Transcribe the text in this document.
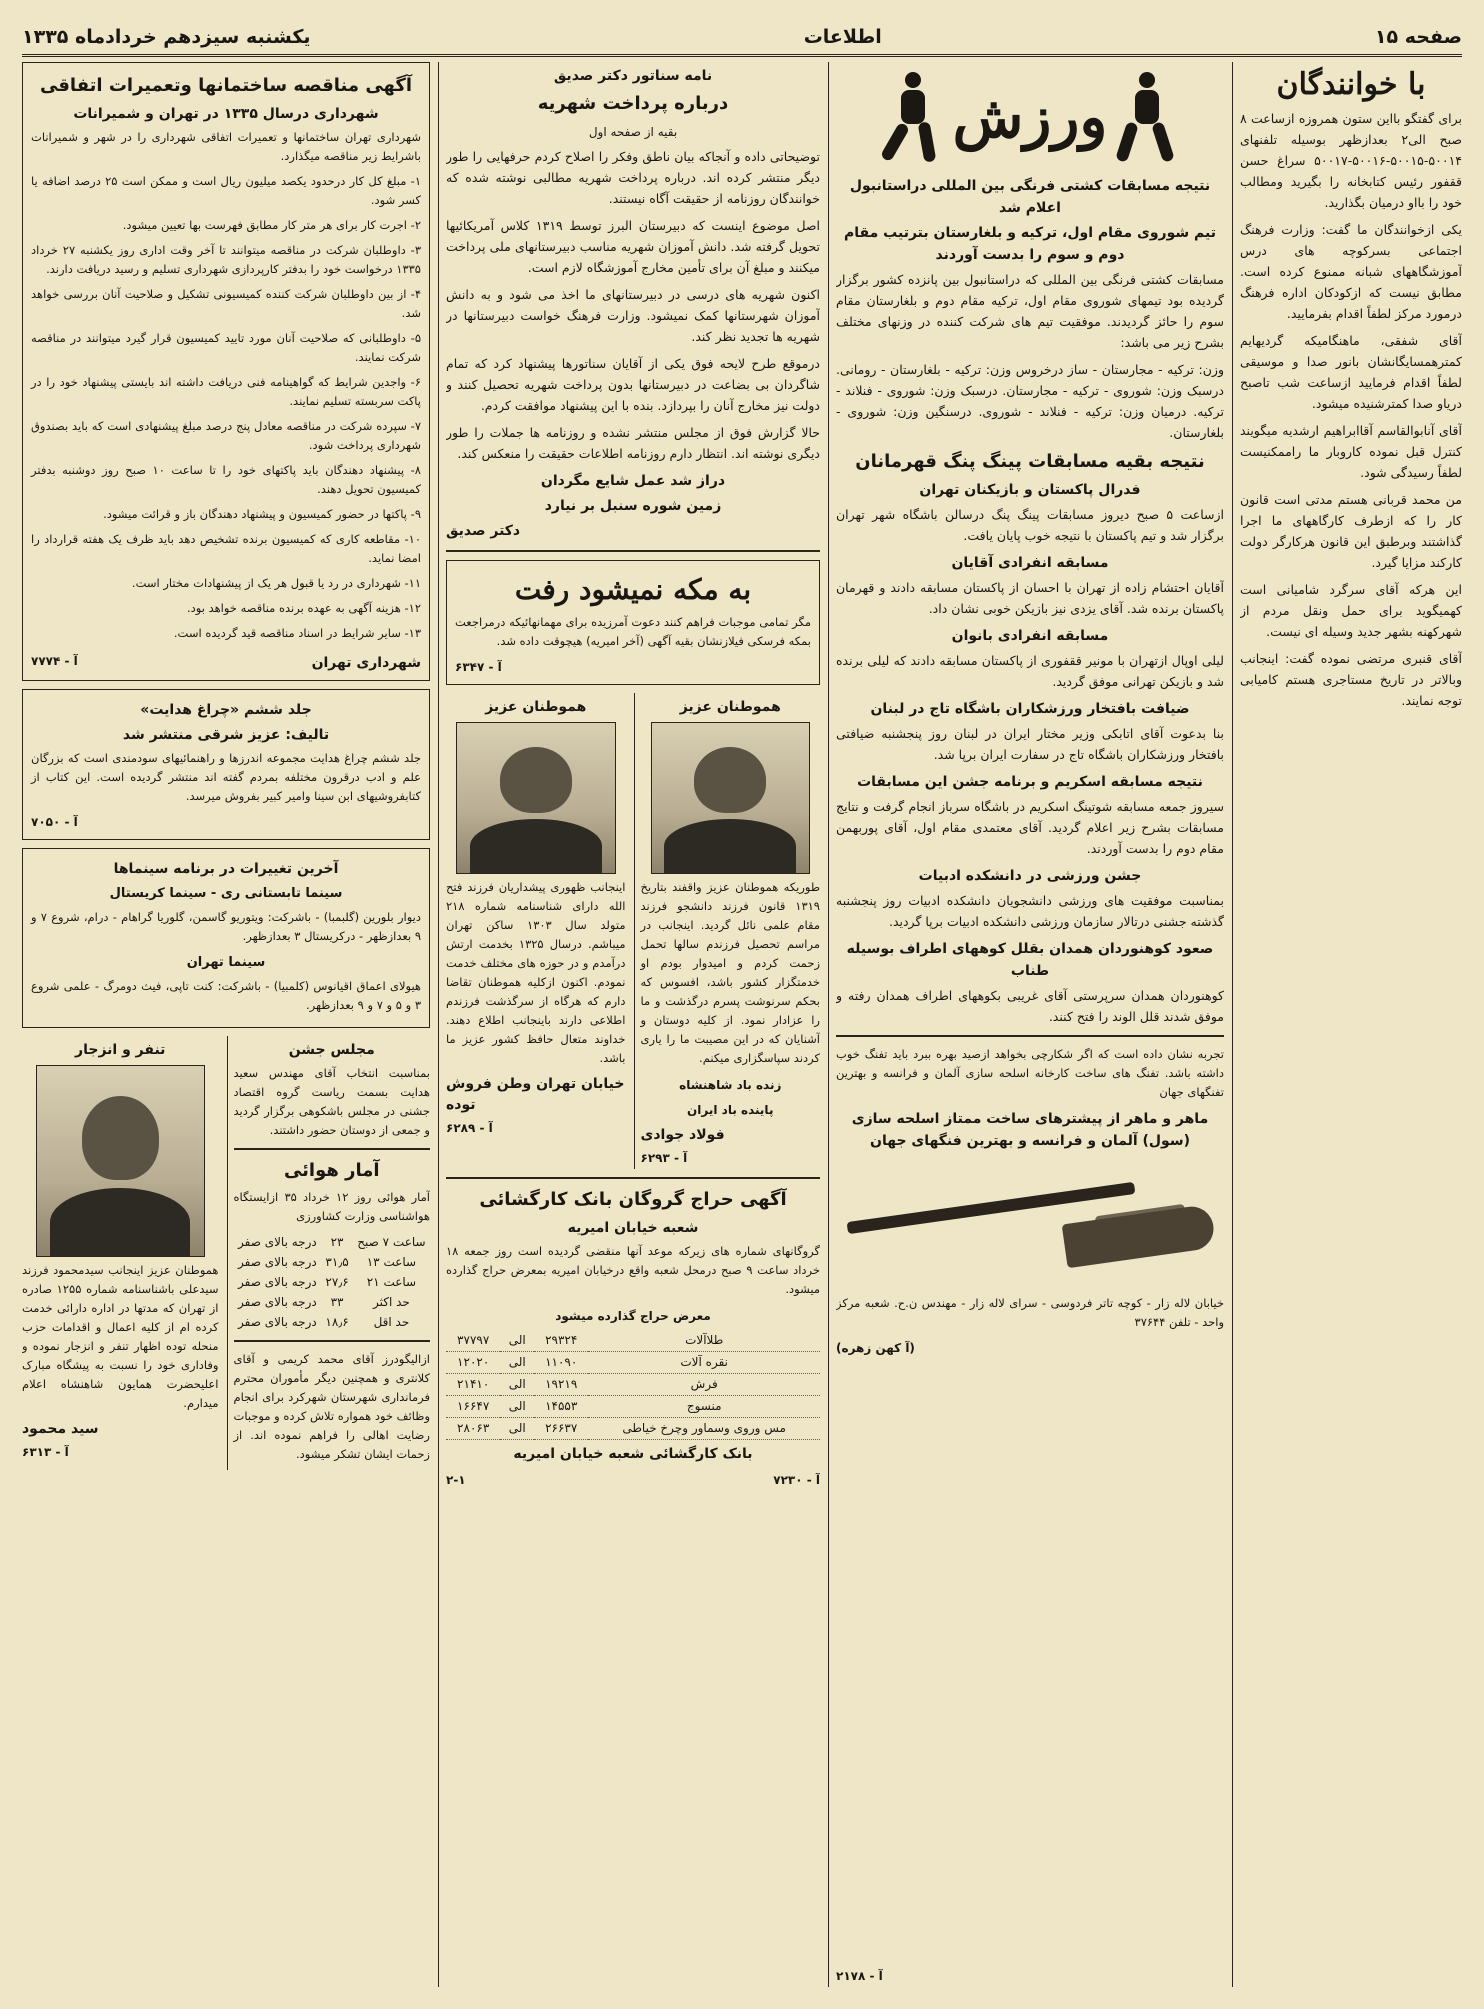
صفحه ۱۵
اطلاعات
یکشنبه سیزدهم خردادماه ۱۳۳۵
با خوانندگان

برای گفتگو بااین ستون همروزه ازساعت ۸ صبح الی۲ بعدازظهر بوسیله تلفنهای ۵۰۰۱۴-۵۰۰۱۵-۵۰۰۱۶-۵۰۰۱۷ سراغ حسن ققفور رئیس کتابخانه را بگیرید ومطالب خود را بااو درمیان بگذارید.

یکی ازخوانندگان ما گفت: وزارت فرهنگ اجتماعی بسرکوچه های درس آموزشگاههای شبانه ممنوع کرده است. مطابق نیست که ازکودکان اداره فرهنگ درمورد مرکز لطفاً اقدام بفرمایید.

آقای شفقی، ماهنگامیکه گردیهایم کمترهمسایگانشان بانور صدا و موسیقی لطفاً اقدام فرمایید ازساعت شب تاصبح دریاو صدا کمترشنیده میشود.

آقای آنابوالقاسم آقاابراهیم ارشدیه میگویند کنترل قبل نموده کاروبار ما راممکنیست لطفاً رسیدگی شود.

من محمد قربانی هستم مدتی است قانون کار را که ازطرف کارگاههای ما اجرا گذاشتند وبرطبق این قانون هرکارگر دولت کارکند مزایا گیرد.

این هرکه آقای سرگرد شامیانی است کهمیگوید برای حمل ونقل مردم از شهرکهنه بشهر جدید وسیله ای نیست.

آقای قنبری مرتضی نموده گفت: اینجانب وبالاتر در تاریخ مستاجری هستم کامیابی توجه نمایند.

ورزش
نتیجه مسابقات کشتی فرنگی بین المللی دراستانبول اعلام شد
تیم شوروی مقام اول، ترکیه و بلغارستان بترتیب مقام دوم و سوم را بدست آوردند

مسابقات کشتی فرنگی بین المللی که دراستانبول بین پانزده کشور برگزار گردیده بود تیمهای شوروی مقام اول، ترکیه مقام دوم و بلغارستان مقام سوم را حائز گردیدند. موفقیت تیم های شرکت کننده در وزنهای مختلف بشرح زیر می باشد:

وزن: ترکیه - مجارستان - ساز درخروس وزن: ترکیه - بلغارستان - رومانی. درسبک وزن: شوروی - ترکیه - مجارستان. درسبک وزن: شوروی - فنلاند - ترکیه. درمیان وزن: ترکیه - فنلاند - شوروی. درسنگین وزن: شوروی - بلغارستان.

نتیجه بقیه مسابقات پینگ پنگ قهرمانان
فدرال پاکستان و بازیکنان تهران

ازساعت ۵ صبح دیروز مسابقات پینگ پنگ درسالن باشگاه شهر تهران برگزار شد و تیم پاکستان با نتیجه خوب پایان یافت.

مسابقه انفرادی آقایان

آقایان احتشام زاده از تهران با احسان از پاکستان مسابقه دادند و قهرمان پاکستان برنده شد. آقای یزدی نیز بازیکن خوبی نشان داد.

مسابقه انفرادی بانوان

لیلی اوپال ازتهران با مونیر ققفوری از پاکستان مسابقه دادند که لیلی برنده شد و بازیکن تهرانی موفق گردید.

ضیافت بافتخار ورزشکاران باشگاه تاج در لبنان

بنا بدعوت آقای اتابکی وزیر مختار ایران در لبنان روز پنجشنبه ضیافتی بافتخار ورزشکاران باشگاه تاج در سفارت ایران برپا شد.

نتیجه مسابقه اسکریم و برنامه جشن این مسابقات

سیروز جمعه مسابقه شوتینگ اسکریم در باشگاه سرباز انجام گرفت و نتایج مسابقات بشرح زیر اعلام گردید. آقای معتمدی مقام اول، آقای پوربهمن مقام دوم را بدست آوردند.

جشن ورزشی در دانشکده ادبیات

بمناسبت موفقیت های ورزشی دانشجویان دانشکده ادبیات روز پنجشنبه گذشته جشنی درتالار سازمان ورزشی دانشکده ادبیات برپا گردید.

صعود کوهنوردان همدان بقلل کوههای اطراف بوسیله طناب

کوهنوردان همدان سرپرستی آقای غریبی بکوههای اطراف همدان رفته و موفق شدند قلل الوند را فتح کنند.

تجربه نشان داده است که اگر شکارچی بخواهد ازصید بهره ببرد باید تفنگ خوب داشته باشد. تفنگ های ساخت کارخانه اسلحه سازی آلمان و فرانسه و بهترین تفنگهای جهان

ماهر و ماهر از پیشترهای ساخت ممتاز اسلحه سازی (سول) آلمان و فرانسه و بهترین فنگهای جهان

خیابان لاله زار - کوچه تاتر فردوسی - سرای لاله زار - مهندس ن.ح. شعبه مرکز واحد - تلفن ۳۷۶۴۴

(آ کهن زهره)
نامه سناتور دکتر صدیق
درباره پرداخت شهریه
بقیه از صفحه اول

توضیحاتی داده و آنجاکه بیان ناطق وفکر را اصلاح کردم حرفهایی را طور دیگر منتشر کرده اند. درباره پرداخت شهریه مطالبی نوشته شده که خوانندگان روزنامه از حقیقت آگاه نیستند.

اصل موضوع اینست که دبیرستان البرز توسط ۱۳۱۹ کلاس آمریکائیها تحویل گرفته شد. دانش آموزان شهریه مناسب دبیرستانهای ملی پرداخت میکنند و مبلغ آن برای تأمین مخارج آموزشگاه لازم است.

اکنون شهریه های درسی در دبیرستانهای ما اخذ می شود و به دانش آموزان شهرستانها کمک نمیشود. وزارت فرهنگ خواست دبیرستانها در شهریه ها تجدید نظر کند.

درموقع طرح لایحه فوق یکی از آقایان سناتورها پیشنهاد کرد که تمام شاگردان بی بضاعت در دبیرستانها بدون پرداخت شهریه تحصیل کنند و دولت نیز مخارج آنان را بپردازد. بنده با این پیشنهاد موافقت کردم.

حالا گزارش فوق از مجلس منتشر نشده و روزنامه ها جملات را طور دیگری نوشته اند. انتظار دارم روزنامه اطلاعات حقیقت را منعکس کند.

دراز شد عمل شایع مگردان
زمین شوره سنبل بر نیارد
دکتر صدیق
به مکه نمیشود رفت

مگر تمامی موجبات فراهم کنند دعوت آمرزیده برای مهمانهائیکه درمراجعت بمکه فرسکی فیلازنشان بقیه آگهی (آخر امیریه) هیچوقت داده شد.

آ - ۶۳۴۷
هموطنان عزیز

طوریکه هموطنان عزیز واقفند بتاریخ ۱۳۱۹ قانون فرزند دانشجو فرزند مقام علمی نائل گردید. اینجانب در مراسم تحصیل فرزندم سالها تحمل زحمت کردم و امیدوار بودم او خدمتگزار کشور باشد، افسوس که بحکم سرنوشت پسرم درگذشت و ما را عزادار نمود. از کلیه دوستان و آشنایان که در این مصیبت ما را یاری کردند سپاسگزاری میکنم.

زنده باد شاهنشاه
پاینده باد ایران
فولاد جوادی
آ - ۶۲۹۳
هموطنان عزیز

اینجانب ظهوری پیشداریان فرزند فتح الله دارای شناسنامه شماره ۲۱۸ متولد سال ۱۳۰۳ ساکن تهران میباشم. درسال ۱۳۲۵ بخدمت ارتش درآمدم و در حوزه های مختلف خدمت نمودم. اکنون ازکلیه هموطنان تقاضا دارم که هرگاه از سرگذشت فرزندم اطلاعی دارند باینجانب اطلاع دهند. خداوند متعال حافظ کشور عزیز ما باشد.

خیابان تهران وطن فروش توده
آ - ۶۲۸۹
آگهی حراج گروگان بانک کارگشائی
شعبه خیابان امیریه

گروگانهای شماره های زیرکه موعد آنها منقضی گردیده است روز جمعه ۱۸ خرداد ساعت ۹ صبح درمحل شعبه واقع درخیابان امیریه بمعرض حراج گذارده میشود.

معرض حراج گذارده میشود
طلاآلات	۲۹۳۲۴	الی	۳۷۷۹۷
نقره آلات	۱۱۰۹۰	الی	۱۲۰۲۰
فرش	۱۹۲۱۹	الی	۲۱۴۱۰
منسوج	۱۴۵۵۳	الی	۱۶۶۴۷
مس وروی وسماور وچرخ خیاطی	۲۶۶۳۷	الی	۲۸۰۶۳
بانک کارگشائی شعبه خیابان امیریه
آ - ۷۲۳۰
۲-۱
آگهی مناقصه ساختمانها وتعمیرات اتفاقی
شهرداری درسال ۱۳۳۵ در تهران و شمیرانات

شهرداری تهران ساختمانها و تعمیرات اتفاقی شهرداری را در شهر و شمیرانات باشرایط زیر مناقصه میگذارد.

۱- مبلغ کل کار درحدود یکصد میلیون ریال است و ممکن است ۲۵ درصد اضافه یا کسر شود.

۲- اجرت کار برای هر متر کار مطابق فهرست بها تعیین میشود.

۳- داوطلبان شرکت در مناقصه میتوانند تا آخر وقت اداری روز یکشنبه ۲۷ خرداد ۱۳۳۵ درخواست خود را بدفتر کارپردازی شهرداری تسلیم و رسید دریافت دارند.

۴- از بین داوطلبان شرکت کننده کمیسیونی تشکیل و صلاحیت آنان بررسی خواهد شد.

۵- داوطلبانی که صلاحیت آنان مورد تایید کمیسیون قرار گیرد میتوانند در مناقصه شرکت نمایند.

۶- واجدین شرایط که گواهینامه فنی دریافت داشته اند بایستی پیشنهاد خود را در پاکت سربسته تسلیم نمایند.

۷- سپرده شرکت در مناقصه معادل پنج درصد مبلغ پیشنهادی است که باید بصندوق شهرداری پرداخت شود.

۸- پیشنهاد دهندگان باید پاکتهای خود را تا ساعت ۱۰ صبح روز دوشنبه بدفتر کمیسیون تحویل دهند.

۹- پاکتها در حضور کمیسیون و پیشنهاد دهندگان باز و قرائت میشود.

۱۰- مقاطعه کاری که کمیسیون برنده تشخیص دهد باید ظرف یک هفته قرارداد را امضا نماید.

۱۱- شهرداری در رد یا قبول هر یک از پیشنهادات مختار است.

۱۲- هزینه آگهی به عهده برنده مناقصه خواهد بود.

۱۳- سایر شرایط در اسناد مناقصه قید گردیده است.

شهرداری تهران
آ - ۷۷۷۴
جلد ششم «چراغ هدایت»
تالیف: عزیز شرقی منتشر شد

جلد ششم چراغ هدایت مجموعه اندرزها و راهنمائیهای سودمندی است که بزرگان علم و ادب درقرون مختلفه بمردم گفته اند منتشر گردیده است. این کتاب از کتابفروشیهای ابن سینا وامیر کبیر بفروش میرسد.

آ - ۷۰۵۰
آخرین تغییرات در برنامه سینماها
سینما تابستانی ری - سینما کریستال

دیوار بلورین (گلبمبا) - باشرکت: ویتوریو گاسمن، گلوریا گراهام - درام، شروع ۷ و ۹ بعدازظهر - درکریستال ۳ بعدازظهر.

سینما تهران

هیولای اعماق اقیانوس (کلمبیا) - باشرکت: کنت تاپی، فیث دومرگ - علمی شروع ۳ و ۵ و ۷ و ۹ بعدازظهر.

مجلس جشن

بمناسبت انتخاب آقای مهندس سعید هدایت بسمت ریاست گروه اقتصاد جشنی در مجلس باشکوهی برگزار گردید و جمعی از دوستان حضور داشتند.

آمار هوائی

آمار هوائی روز ۱۲ خرداد ۳۵ ازایستگاه هواشناسی وزارت کشاورزی

ساعت ۷ صبح	۲۳	درجه بالای صفر
ساعت ۱۳	۳۱٫۵	درجه بالای صفر
ساعت ۲۱	۲۷٫۶	درجه بالای صفر
حد اکثر	۳۳	درجه بالای صفر
حد اقل	۱۸٫۶	درجه بالای صفر

ازالیگودرز آقای محمد کریمی و آقای کلانتری و همچنین دیگر مأموران محترم فرمانداری شهرستان شهرکرد برای انجام وظائف خود همواره تلاش کرده و موجبات رضایت اهالی را فراهم نموده اند. از زحمات ایشان تشکر میشود.

تنفر و انزجار

هموطنان عزیز اینجانب سیدمحمود فرزند سیدعلی باشناسنامه شماره ۱۲۵۵ صادره از تهران که مدتها در اداره دارائی خدمت کرده ام از کلیه اعمال و اقدامات حزب منحله توده اظهار تنفر و انزجار نموده و وفاداری خود را نسبت به پیشگاه مبارک اعلیحضرت همایون شاهنشاه اعلام میدارم.

سید محمود
آ - ۶۳۱۳
آ - ۲۱۷۸
